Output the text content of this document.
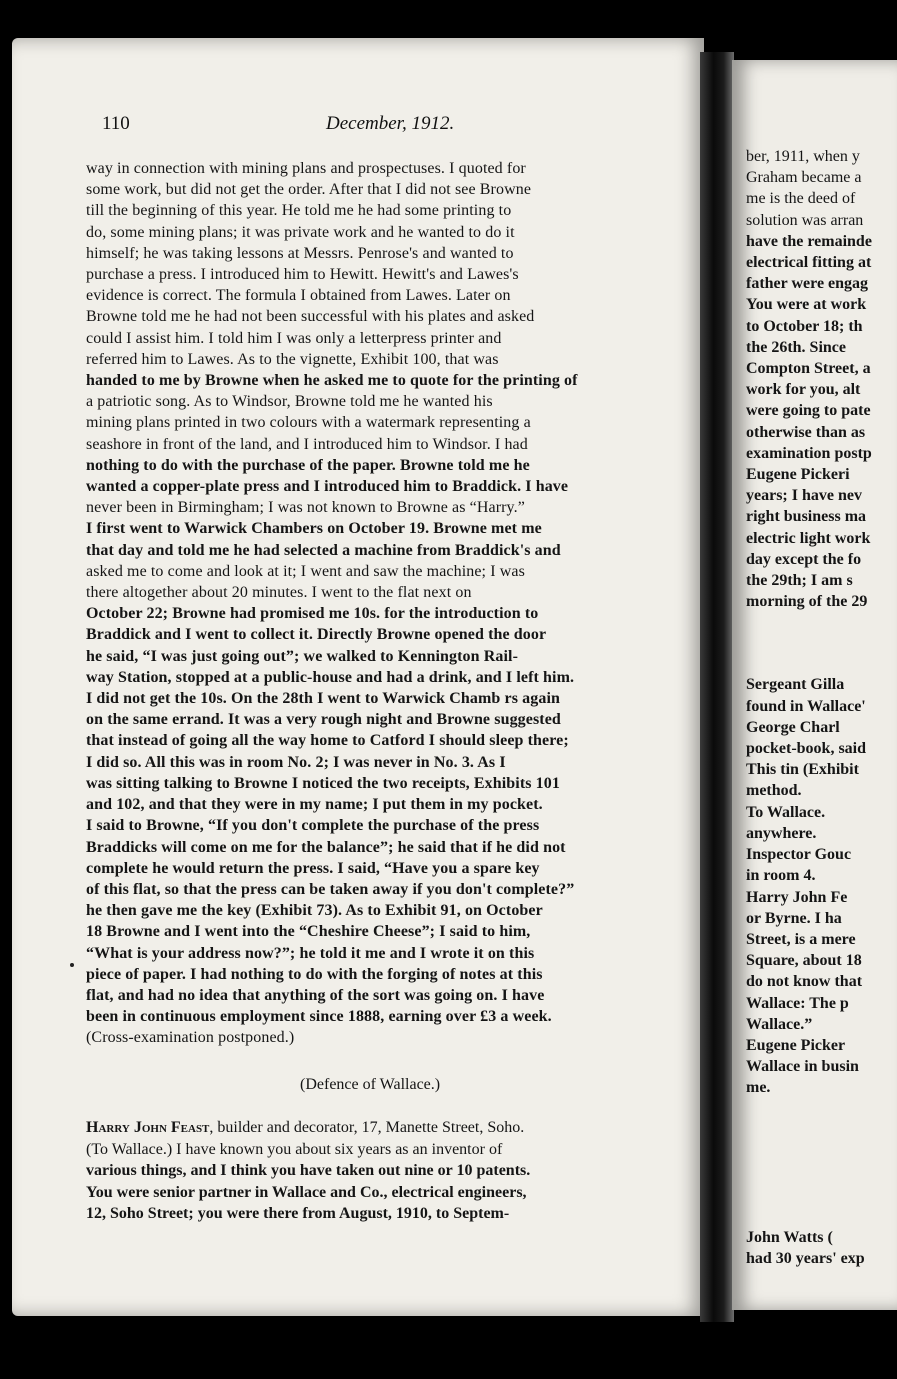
ber, 1911, when y
Graham became a
me is the deed of
solution was arran
have the remainde
electrical fitting at
father were engag
You were at work
to October 18; th
the 26th. Since
Compton Street, a
work for you, alt
were going to pate
otherwise than as
examination postp
Eugene Pickeri
years; I have nev
right business ma
electric light work
day except the fo
the 29th; I am s
morning of the 29
Sergeant Gilla
found in Wallace'
George Charl
pocket-book, said
This tin (Exhibit
method.
To Wallace.
anywhere.
Inspector Gouc
in room 4.
Harry John Fe
or Byrne. I ha
Street, is a mere
Square, about 18
do not know that
Wallace: The p
Wallace.”
Eugene Picker
Wallace in busin
me.
John Watts (
had 30 years' exp
110	December, 1912.
way in connection with mining plans and prospectuses. I quoted for
some work, but did not get the order. After that I did not see Browne
till the beginning of this year. He told me he had some printing to
do, some mining plans; it was private work and he wanted to do it
himself; he was taking lessons at Messrs. Penrose's and wanted to
purchase a press. I introduced him to Hewitt. Hewitt's and Lawes's
evidence is correct. The formula I obtained from Lawes. Later on
Browne told me he had not been successful with his plates and asked
could I assist him. I told him I was only a letterpress printer and
referred him to Lawes. As to the vignette, Exhibit 100, that was
handed to me by Browne when he asked me to quote for the printing of
a patriotic song. As to Windsor, Browne told me he wanted his
mining plans printed in two colours with a watermark representing a
seashore in front of the land, and I introduced him to Windsor. I had
nothing to do with the purchase of the paper. Browne told me he
wanted a copper-plate press and I introduced him to Braddick. I have
never been in Birmingham; I was not known to Browne as “Harry.”
I first went to Warwick Chambers on October 19. Browne met me
that day and told me he had selected a machine from Braddick's and
asked me to come and look at it; I went and saw the machine; I was
there altogether about 20 minutes. I went to the flat next on
October 22; Browne had promised me 10s. for the introduction to
Braddick and I went to collect it. Directly Browne opened the door
he said, “I was just going out”; we walked to Kennington Rail-
way Station, stopped at a public-house and had a drink, and I left him.
I did not get the 10s. On the 28th I went to Warwick Chamb rs again
on the same errand. It was a very rough night and Browne suggested
that instead of going all the way home to Catford I should sleep there;
I did so. All this was in room No. 2; I was never in No. 3. As I
was sitting talking to Browne I noticed the two receipts, Exhibits 101
and 102, and that they were in my name; I put them in my pocket.
I said to Browne, “If you don't complete the purchase of the press
Braddicks will come on me for the balance”; he said that if he did not
complete he would return the press. I said, “Have you a spare key
of this flat, so that the press can be taken away if you don't complete?”
he then gave me the key (Exhibit 73). As to Exhibit 91, on October
18 Browne and I went into the “Cheshire Cheese”; I said to him,
“What is your address now?”; he told it me and I wrote it on this
piece of paper. I had nothing to do with the forging of notes at this
flat, and had no idea that anything of the sort was going on. I have
been in continuous employment since 1888, earning over £3 a week.
(Cross-examination postponed.)
(Defence of Wallace.)
Harry John Feast, builder and decorator, 17, Manette Street, Soho.
(To Wallace.) I have known you about six years as an inventor of
various things, and I think you have taken out nine or 10 patents.
You were senior partner in Wallace and Co., electrical engineers,
12, Soho Street; you were there from August, 1910, to Septem-
